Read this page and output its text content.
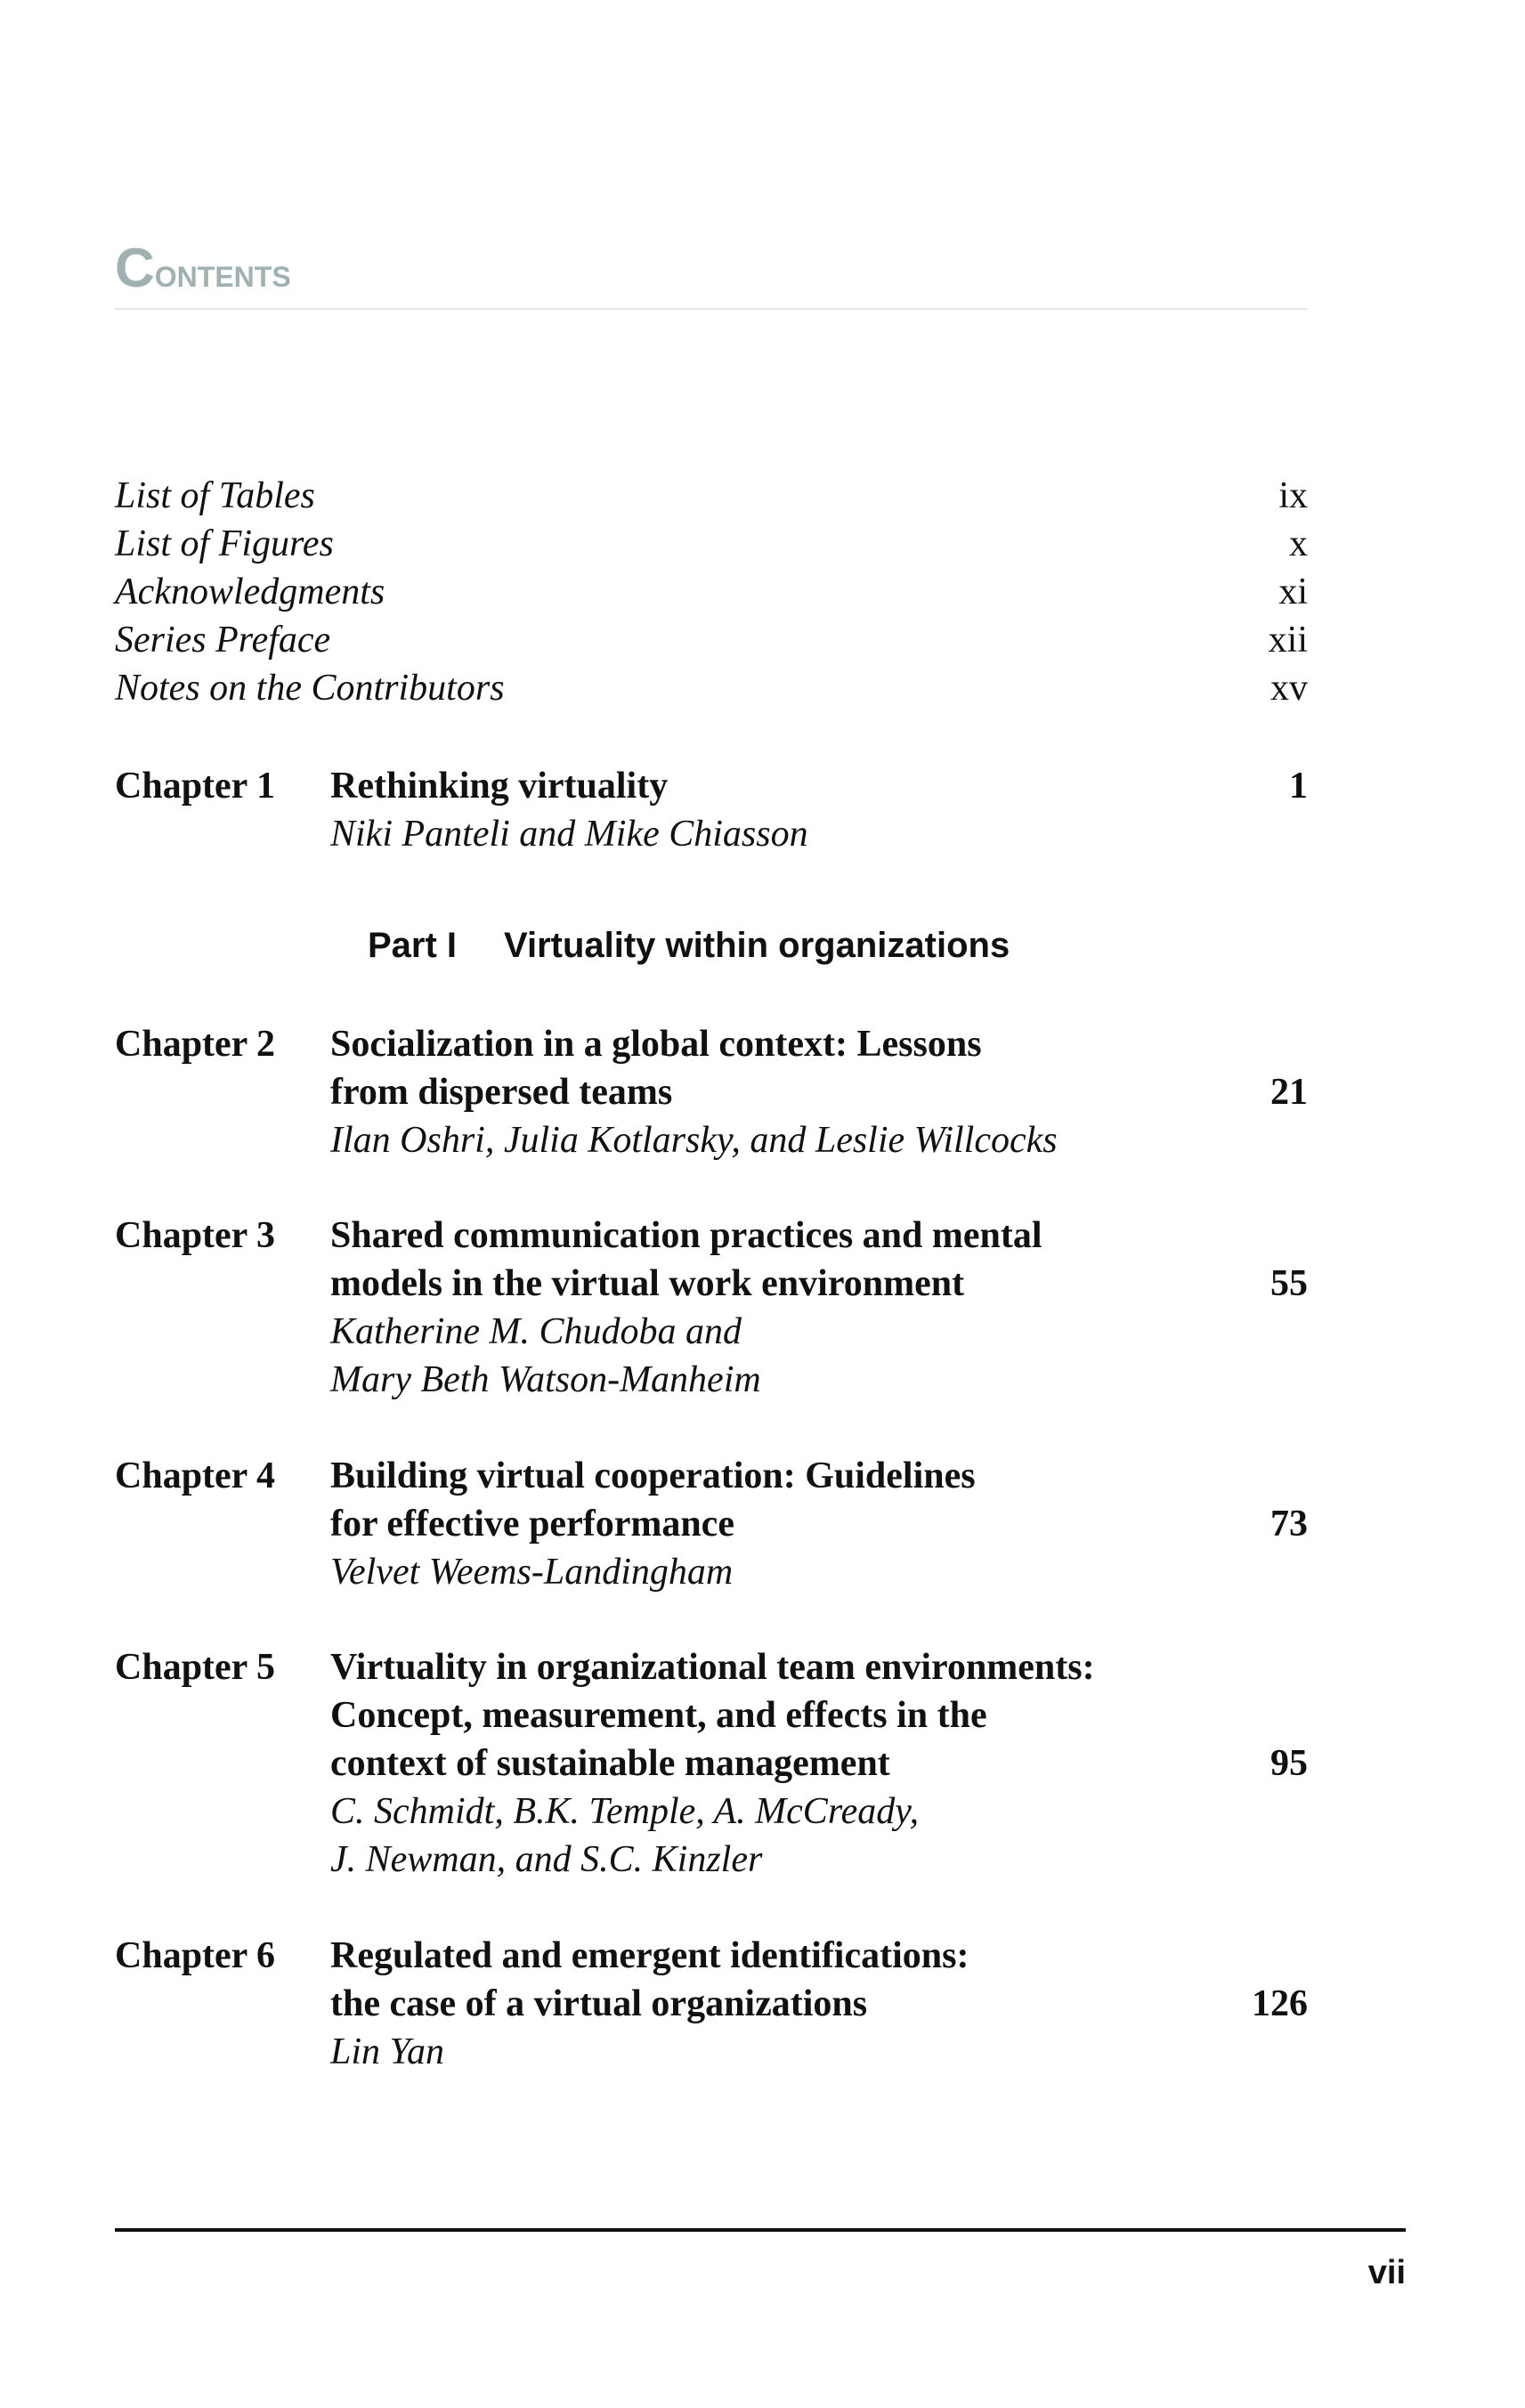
Contents
List of Tables	ix
List of Figures	x
Acknowledgments	xi
Series Preface	xii
Notes on the Contributors	xv
Chapter 1	Rethinking virtuality	1
Niki Panteli and Mike Chiasson
Part I Virtuality within organizations
Chapter 2	Socialization in a global context: Lessons
from dispersed teams	21
Ilan Oshri, Julia Kotlarsky, and Leslie Willcocks
Chapter 3	Shared communication practices and mental
models in the virtual work environment	55
Katherine M. Chudoba and
Mary Beth Watson-Manheim
Chapter 4	Building virtual cooperation: Guidelines
for effective performance	73
Velvet Weems-Landingham
Chapter 5	Virtuality in organizational team environments:
Concept, measurement, and effects in the
context of sustainable management	95
C. Schmidt, B.K. Temple, A. McCready,
J. Newman, and S.C. Kinzler
Chapter 6	Regulated and emergent identifications:
the case of a virtual organizations	126
Lin Yan
vii
